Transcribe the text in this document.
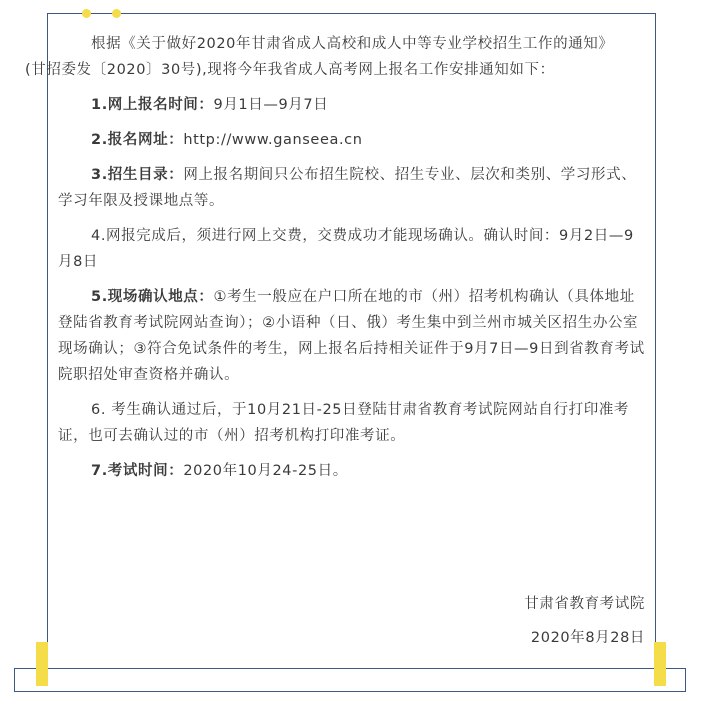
根据《关于做好2020年甘肃省成人高校和成人中等专业学校招生工作的通知》
(甘招委发〔2020〕30号),现将今年我省成人高考网上报名工作安排通知如下：

1.网上报名时间：9月1日—9月7日

2.报名网址：http://www.ganseea.cn

3.招生目录：网上报名期间只公布招生院校、招生专业、层次和类别、学习形式、学习年限及授课地点等。

4.网报完成后，须进行网上交费，交费成功才能现场确认。确认时间：9月2日—9月8日

5.现场确认地点：①考生一般应在户口所在地的市（州）招考机构确认（具体地址登陆省教育考试院网站查询）；②小语种（日、俄）考生集中到兰州市城关区招生办公室现场确认；③符合免试条件的考生，网上报名后持相关证件于9月7日—9日到省教育考试院职招处审查资格并确认。

6. 考生确认通过后，于10月21日-25日登陆甘肃省教育考试院网站自行打印准考证，也可去确认过的市（州）招考机构打印准考证。

7.考试时间：2020年10月24-25日。

甘肃省教育考试院
2020年8月28日
